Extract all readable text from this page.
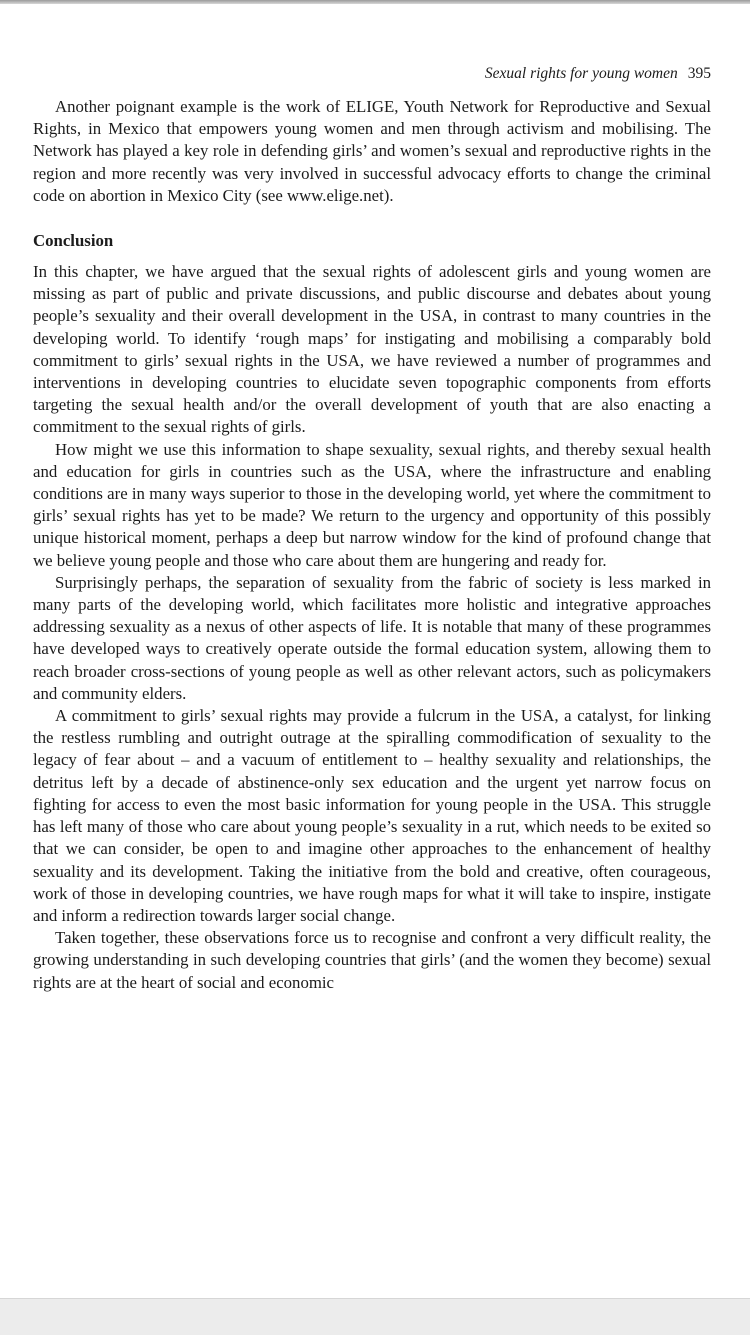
Sexual rights for young women 395

Another poignant example is the work of ELIGE, Youth Network for Reproductive and Sexual Rights, in Mexico that empowers young women and men through activism and mobilising. The Network has played a key role in defending girls’ and women’s sexual and reproductive rights in the region and more recently was very involved in successful advocacy efforts to change the criminal code on abortion in Mexico City (see www.elige.net).

Conclusion

In this chapter, we have argued that the sexual rights of adolescent girls and young women are missing as part of public and private discussions, and public discourse and debates about young people’s sexuality and their overall development in the USA, in contrast to many countries in the developing world. To identify ‘rough maps’ for instigating and mobilising a comparably bold commitment to girls’ sexual rights in the USA, we have reviewed a number of programmes and interventions in developing countries to elucidate seven topographic components from efforts targeting the sexual health and/or the overall development of youth that are also enacting a commitment to the sexual rights of girls.

How might we use this information to shape sexuality, sexual rights, and thereby sexual health and education for girls in countries such as the USA, where the infrastructure and enabling conditions are in many ways superior to those in the developing world, yet where the commitment to girls’ sexual rights has yet to be made? We return to the urgency and opportunity of this possibly unique historical moment, perhaps a deep but narrow window for the kind of profound change that we believe young people and those who care about them are hungering and ready for.

Surprisingly perhaps, the separation of sexuality from the fabric of society is less marked in many parts of the developing world, which facilitates more holistic and integrative approaches addressing sexuality as a nexus of other aspects of life. It is notable that many of these programmes have developed ways to creatively operate outside the formal education system, allowing them to reach broader cross-sections of young people as well as other relevant actors, such as policymakers and community elders.

A commitment to girls’ sexual rights may provide a fulcrum in the USA, a catalyst, for linking the restless rumbling and outright outrage at the spiralling commodification of sexuality to the legacy of fear about – and a vacuum of entitlement to – healthy sexuality and relationships, the detritus left by a decade of abstinence-only sex education and the urgent yet narrow focus on fighting for access to even the most basic information for young people in the USA. This struggle has left many of those who care about young people’s sexuality in a rut, which needs to be exited so that we can consider, be open to and imagine other approaches to the enhancement of healthy sexuality and its development. Taking the initiative from the bold and creative, often courageous, work of those in developing countries, we have rough maps for what it will take to inspire, instigate and inform a redirection towards larger social change.

Taken together, these observations force us to recognise and confront a very difficult reality, the growing understanding in such developing countries that girls’ (and the women they become) sexual rights are at the heart of social and economic
